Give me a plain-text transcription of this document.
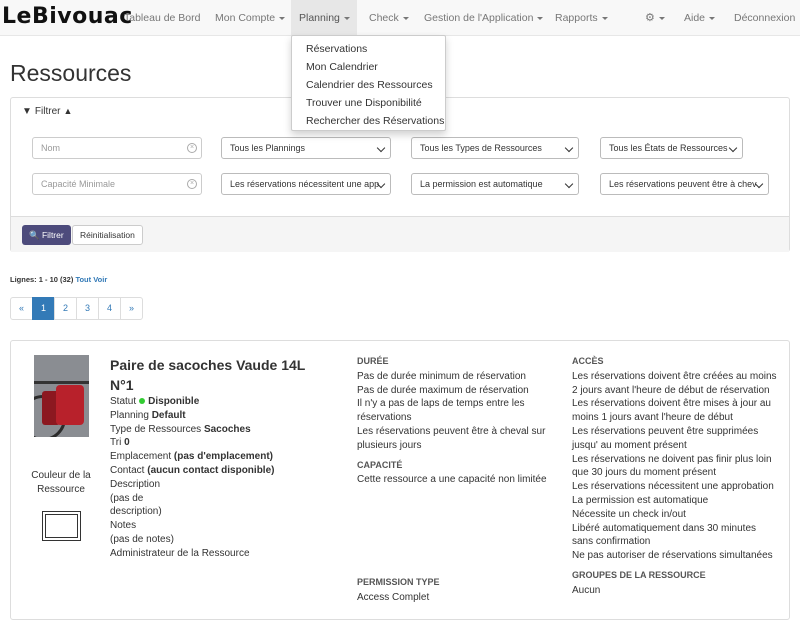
LeBivouac
Tableau de Bord	Mon Compte	Planning	Check	Gestion de l'Application	Rapports	⚙	Aide	Déconnexion
Réservations
Mon Calendrier
Calendrier des Ressources
Trouver une Disponibilité
Rechercher des Réservations
Ressources
▼ Filtrer ▲
Nom	×	Tous les Plannings	Tous les Types de Ressources	Tous les États de Ressources
Capacité Minimale	×	Les réservations nécessitent une app	La permission est automatique	Les réservations peuvent être à chev
🔍 Filtrer	Réinitialisation
Lignes: 1 - 10 (32) Tout Voir
«	1	2	3	4	»
Couleur de la Ressource
Paire de sacoches Vaude 14L N°1
Statut Disponible
Planning Default
Type de Ressources Sacoches
Tri 0
Emplacement (pas d'emplacement)
Contact (aucun contact disponible)
Description
(pas de description)
Notes
(pas de notes)
Administrateur de la Ressource
DURÉE
Pas de durée minimum de réservation
Pas de durée maximum de réservation
Il n'y a pas de laps de temps entre les réservations
Les réservations peuvent être à cheval sur plusieurs jours
CAPACITÉ
Cette ressource a une capacité non limitée
PERMISSION TYPE
Access Complet
ACCÈS
Les réservations doivent être créées au moins 2 jours avant l'heure de début de réservation
Les réservations doivent être mises à jour au moins 1 jours avant l'heure de début
Les réservations peuvent être supprimées jusqu' au moment présent
Les réservations ne doivent pas finir plus loin que 30 jours du moment présent
Les réservations nécessitent une approbation
La permission est automatique
Nécessite un check in/out
Libéré automatiquement dans 30 minutes sans confirmation
Ne pas autoriser de réservations simultanées
GROUPES DE LA RESSOURCE
Aucun
